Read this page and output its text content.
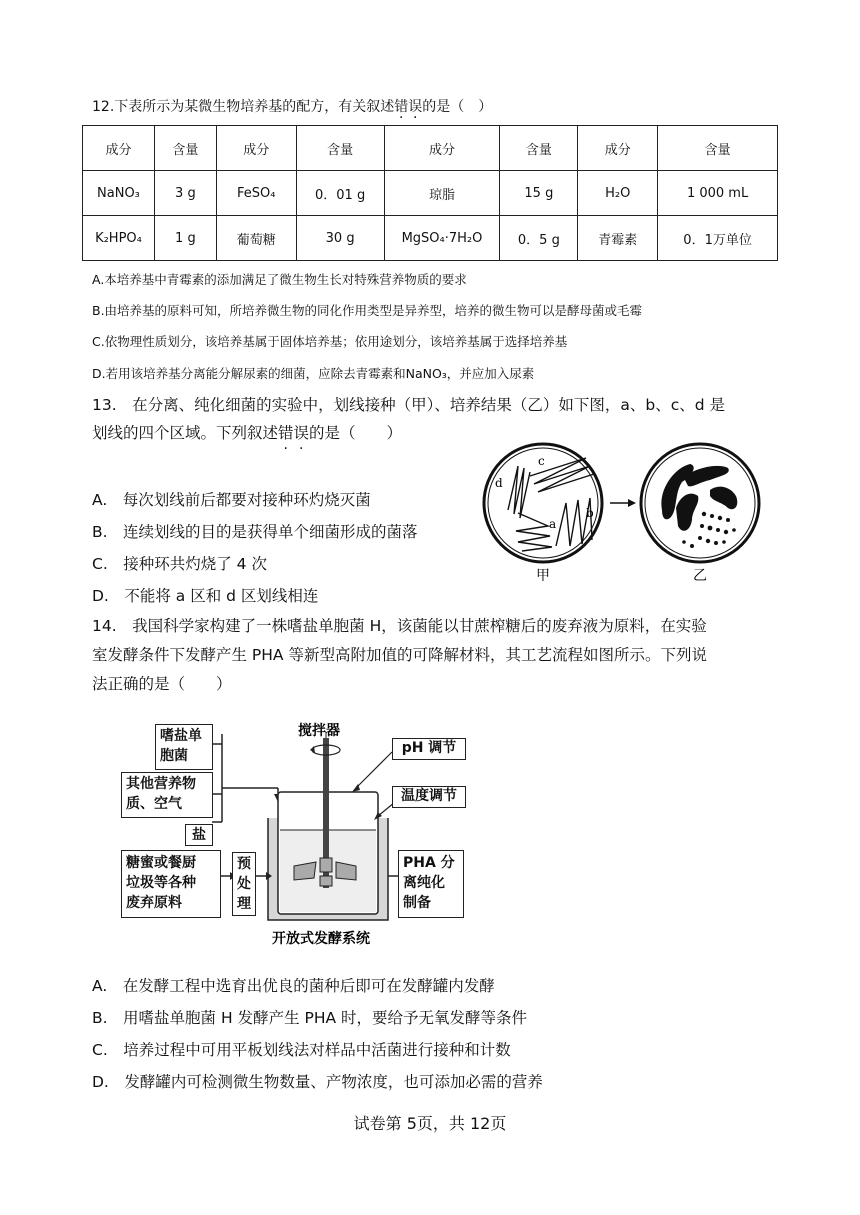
12.下表所示为某微生物培养基的配方，有关叙述错误的是（　）
成分	含量	成分	含量	成分	含量	成分	含量
NaNO₃	3 g	FeSO₄	0．01 g	琼脂	15 g	H₂O	1 000 mL
K₂HPO₄	1 g	葡萄糖	30 g	MgSO₄·7H₂O	0．5 g	青霉素	0．1万单位
A.本培养基中青霉素的添加满足了微生物生长对特殊营养物质的要求
B.由培养基的原料可知，所培养微生物的同化作用类型是异养型，培养的微生物可以是酵母菌或毛霉
C.依物理性质划分，该培养基属于固体培养基；依用途划分，该培养基属于选择培养基
D.若用该培养基分离能分解尿素的细菌，应除去青霉素和NaNO₃，并应加入尿素
13.　在分离、纯化细菌的实验中，划线接种（甲）、培养结果（乙）如下图，a、b、c、d 是
划线的四个区域。下列叙述错误的是（　　）
A.　每次划线前后都要对接种环灼烧灭菌
B.　连续划线的目的是获得单个细菌形成的菌落
C.　接种环共灼烧了 4 次
D.　不能将 a 区和 d 区划线相连
a
b
c
d
甲	乙
14.　我国科学家构建了一株嗜盐单胞菌 H，该菌能以甘蔗榨糖后的废弃液为原料，在实验
室发酵条件下发酵产生 PHA 等新型高附加值的可降解材料，其工艺流程如图所示。下列说
法正确的是（　　）
开放式发酵系统
搅拌器
嗜盐单
胞菌
其他营养物
质、空气
盐
糖蜜或餐厨
垃圾等各种
废弃原料
预
处
理
pH 调节
温度调节
PHA 分
离纯化
制备
A.　在发酵工程中选育出优良的菌种后即可在发酵罐内发酵
B.　用嗜盐单胞菌 H 发酵产生 PHA 时，要给予无氧发酵等条件
C.　培养过程中可用平板划线法对样品中活菌进行接种和计数
D.　发酵罐内可检测微生物数量、产物浓度，也可添加必需的营养
试卷第 5页，共 12页
